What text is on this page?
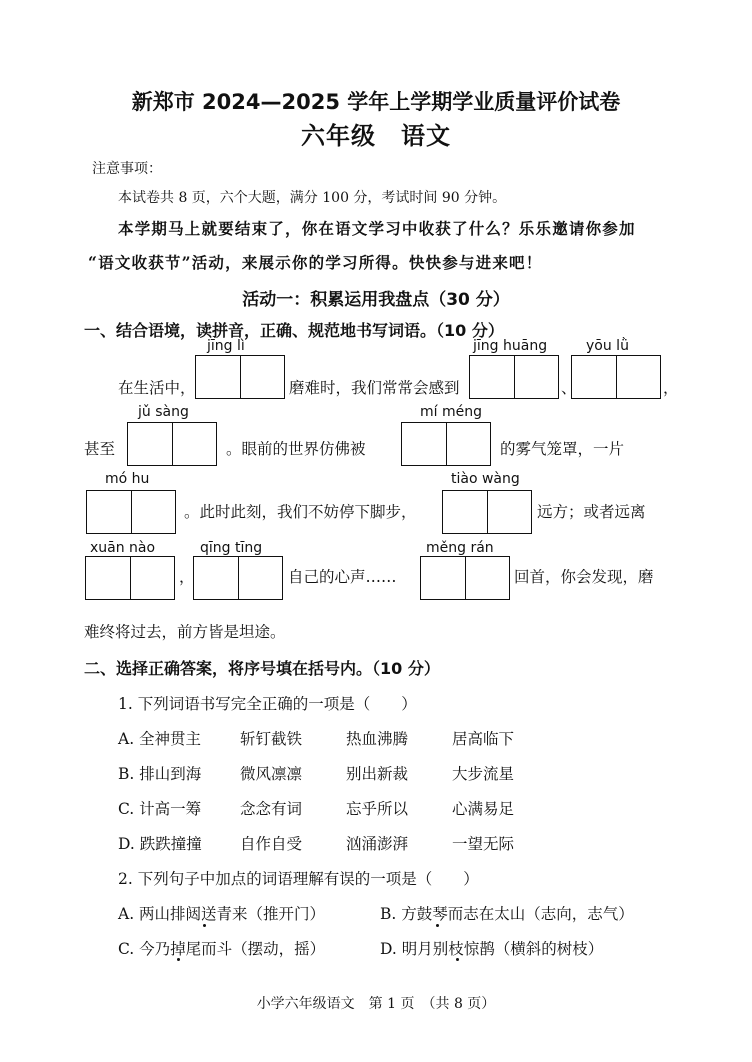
新郑市 2024—2025 学年上学期学业质量评价试卷
六年级　语文
注意事项：
本试卷共 8 页，六个大题，满分 100 分，考试时间 90 分钟。
本学期马上就要结束了，你在语文学习中收获了什么？乐乐邀请你参加
“语文收获节”活动，来展示你的学习所得。快快参与进来吧！
活动一：积累运用我盘点（30 分）
一、结合语境，读拼音，正确、规范地书写词语。（10 分）
jīng lì	jīng huāng	yōu lǜ
在生活中，	磨难时，我们常常会感到	、	，
jǔ sàng	mí méng
甚至	。眼前的世界仿佛被	的雾气笼罩，一片
mó hu	tiào wàng
。此时此刻，我们不妨停下脚步，	远方；或者远离
xuān nào	qīng tīng	měng rán
，	自己的心声……	回首，你会发现，磨
难终将过去，前方皆是坦途。
二、选择正确答案，将序号填在括号内。（10 分）
1. 下列词语书写完全正确的一项是（　　）
A. 全神贯主	斩钉截铁	热血沸腾	居高临下
B. 排山到海	微风凛凛	别出新裁	大步流星
C. 计高一筹	念念有词	忘乎所以	心满易足
D. 跌跌撞撞 自作自受	汹涌澎湃	一望无际
2. 下列句子中加点的词语理解有误的一项是（　　）
A. 两山排闼送青来（推开门）	B. 方鼓琴而志在太山（志向，志气）
C. 今乃掉尾而斗（摆动，摇）	D. 明月别枝惊鹊（横斜的树枝）
小学六年级语文　第 1 页　（共 8 页）
